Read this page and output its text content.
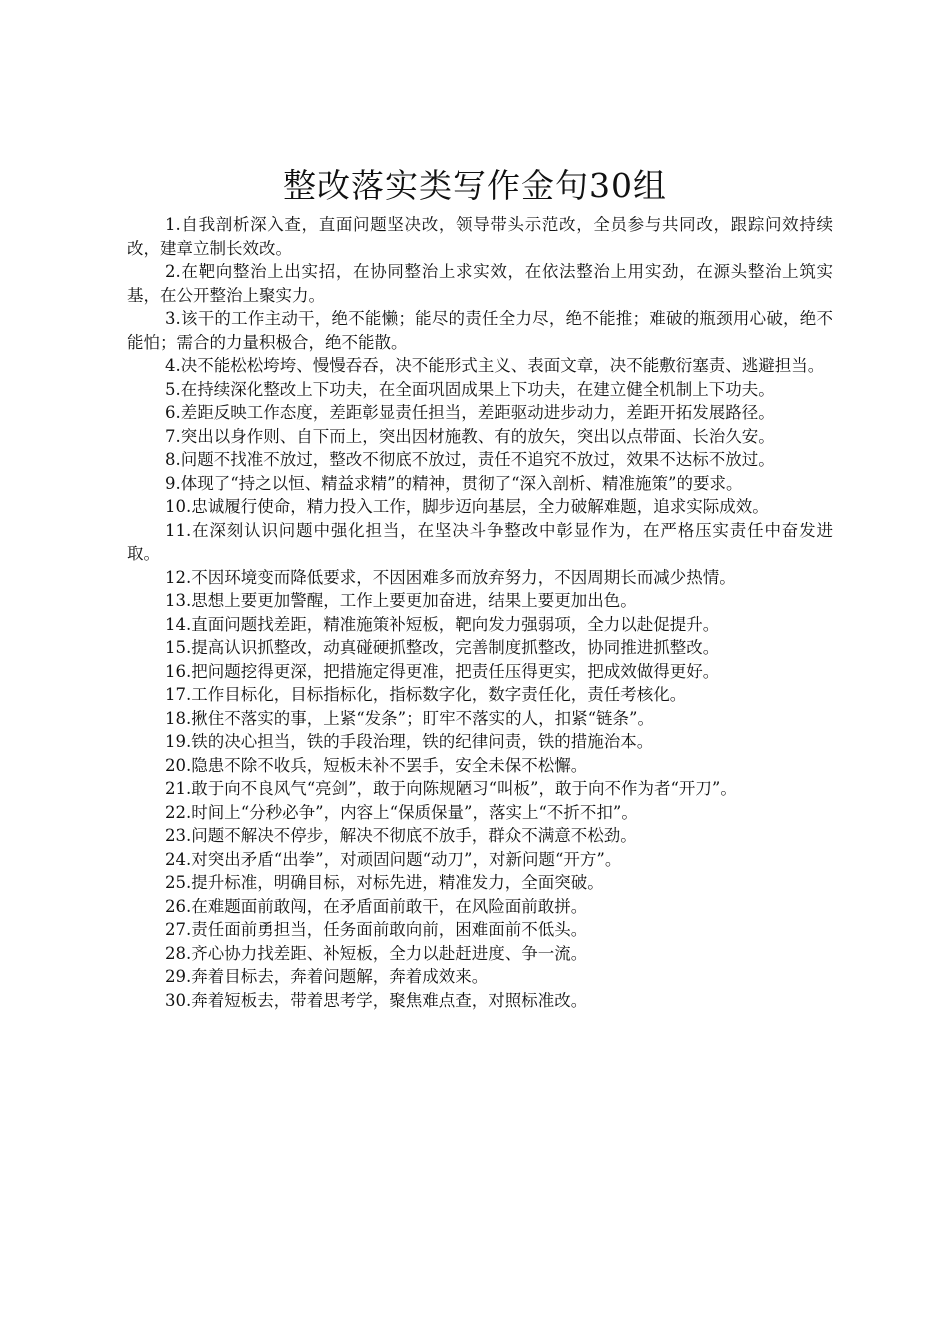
整改落实类写作金句30组
1.自我剖析深入查，直面问题坚决改，领导带头示范改，全员参与共同改，跟踪问效持续改，建章立制长效改。
2.在靶向整治上出实招，在协同整治上求实效，在依法整治上用实劲，在源头整治上筑实基，在公开整治上聚实力。
3.该干的工作主动干，绝不能懒；能尽的责任全力尽，绝不能推；难破的瓶颈用心破，绝不能怕；需合的力量积极合，绝不能散。
4.决不能松松垮垮、慢慢吞吞，决不能形式主义、表面文章，决不能敷衍塞责、逃避担当。
5.在持续深化整改上下功夫，在全面巩固成果上下功夫，在建立健全机制上下功夫。
6.差距反映工作态度，差距彰显责任担当，差距驱动进步动力，差距开拓发展路径。
7.突出以身作则、自下而上，突出因材施教、有的放矢，突出以点带面、长治久安。
8.问题不找准不放过，整改不彻底不放过，责任不追究不放过，效果不达标不放过。
9.体现了“持之以恒、精益求精”的精神，贯彻了“深入剖析、精准施策”的要求。
10.忠诚履行使命，精力投入工作，脚步迈向基层，全力破解难题，追求实际成效。
11.在深刻认识问题中强化担当，在坚决斗争整改中彰显作为，在严格压实责任中奋发进取。
12.不因环境变而降低要求，不因困难多而放弃努力，不因周期长而减少热情。
13.思想上要更加警醒，工作上要更加奋进，结果上要更加出色。
14.直面问题找差距，精准施策补短板，靶向发力强弱项，全力以赴促提升。
15.提高认识抓整改，动真碰硬抓整改，完善制度抓整改，协同推进抓整改。
16.把问题挖得更深，把措施定得更准，把责任压得更实，把成效做得更好。
17.工作目标化，目标指标化，指标数字化，数字责任化，责任考核化。
18.揪住不落实的事，上紧“发条”；盯牢不落实的人，扣紧“链条”。
19.铁的决心担当，铁的手段治理，铁的纪律问责，铁的措施治本。
20.隐患不除不收兵，短板未补不罢手，安全未保不松懈。
21.敢于向不良风气“亮剑”，敢于向陈规陋习“叫板”，敢于向不作为者“开刀”。
22.时间上“分秒必争”，内容上“保质保量”，落实上“不折不扣”。
23.问题不解决不停步，解决不彻底不放手，群众不满意不松劲。
24.对突出矛盾“出拳”，对顽固问题“动刀”，对新问题“开方”。
25.提升标准，明确目标，对标先进，精准发力，全面突破。
26.在难题面前敢闯，在矛盾面前敢干，在风险面前敢拼。
27.责任面前勇担当，任务面前敢向前，困难面前不低头。
28.齐心协力找差距、补短板，全力以赴赶进度、争一流。
29.奔着目标去，奔着问题解，奔着成效来。
30.奔着短板去，带着思考学，聚焦难点查，对照标准改。
